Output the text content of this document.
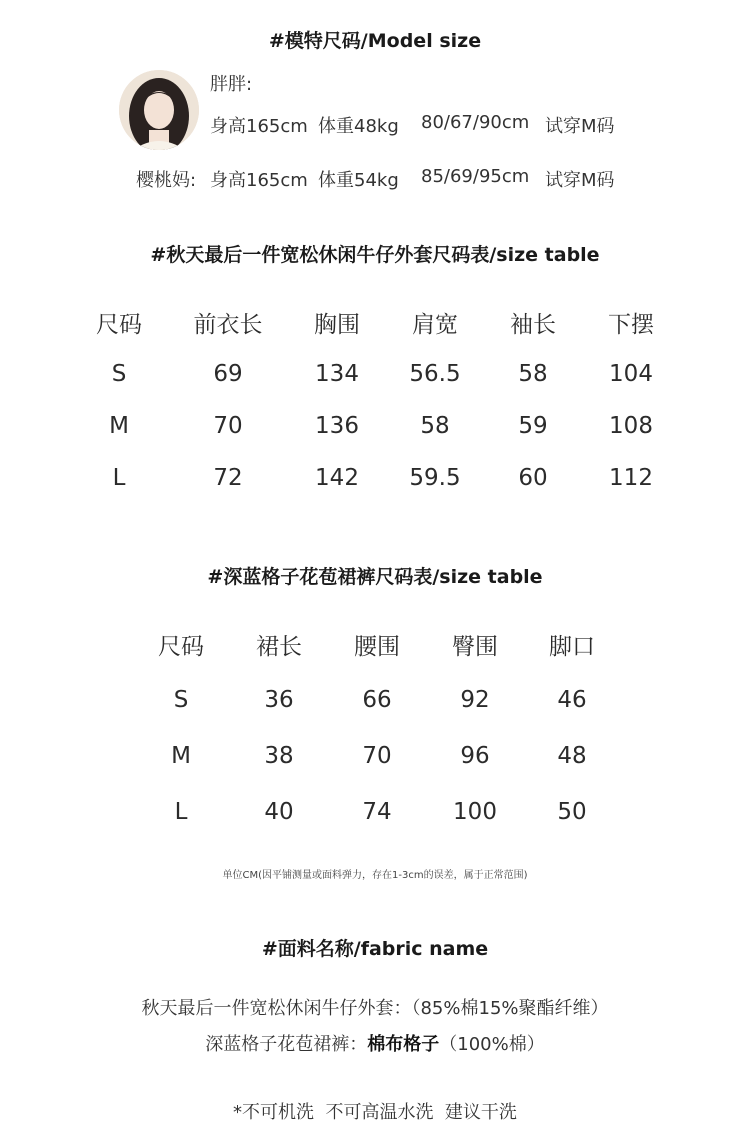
#模特尺码/Model size
胖胖:
身高165cm 体重48kg 80/67/90cm 试穿M码
樱桃妈: 身高165cm 体重54kg 85/69/95cm 试穿M码
#秋天最后一件宽松休闲牛仔外套尺码表/size table
尺码	前衣长	胸围	肩宽	袖长	下摆
S	69	134	56.5	58	104
M	70	136	58	59	108
L	72	142	59.5	60	112
#深蓝格子花苞裙裤尺码表/size table
尺码	裙长	腰围	臀围	脚口
S	36	66	92	46
M	38	70	96	48
L	40	74	100	50
单位CM(因平铺测量或面料弹力，存在1-3cm的误差，属于正常范围)
#面料名称/fabric name
秋天最后一件宽松休闲牛仔外套：（85%棉15%聚酯纤维）
深蓝格子花苞裙裤：棉布格子（100%棉）
*不可机洗  不可高温水洗  建议干洗
